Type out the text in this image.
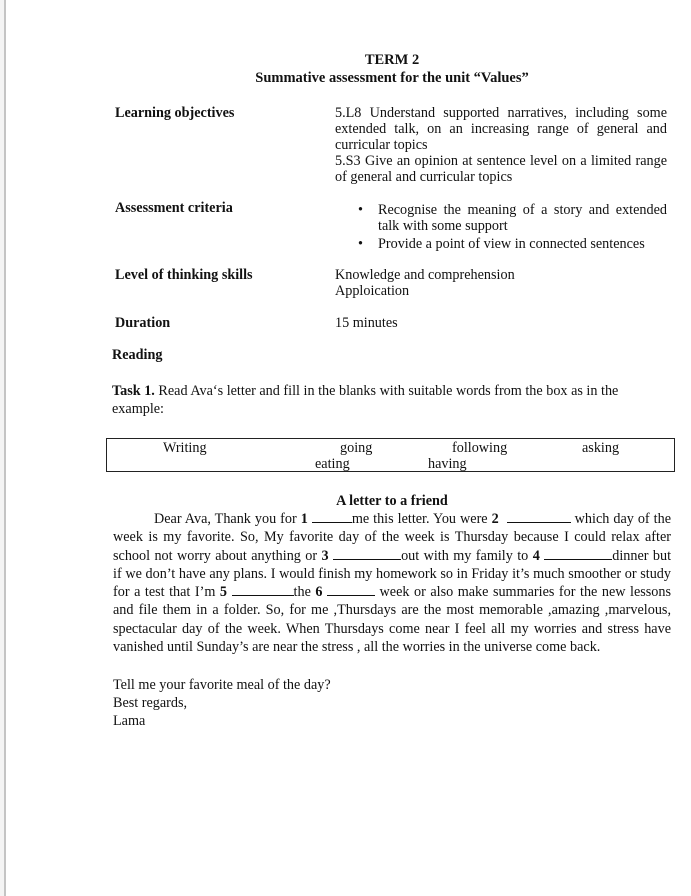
TERM 2
Summative assessment for the unit “Values”
Learning objectives	5.L8 Understand supported narratives, including some

extended talk, on an increasing range of general and

curricular topics

5.S3 Give an opinion at sentence level on a limited range

of general and curricular topics

Assessment criteria	• Recognise the meaning of a story and extended
talk with some support
• Provide a point of view in connected sentences
Level of thinking skills	Knowledge and comprehension
Apploication
Duration	15 minutes
Reading
Task 1. Read Ava‘s letter and fill in the blanks with suitable words from the box as in the
example:
Writing	going	following	asking
eating	having
A letter to a friend

Dear Ava, Thank you for 1	me this letter. You were 2	which day of the week is my favorite. So, My favorite day of the week is Thursday because I could relax after school not worry about anything or 3	out with my family to 4	dinner but if we don’t have any plans. I would finish my homework so in Friday it’s much smoother or study for a test that I’m 5	the 6	week or also make summaries for the new lessons and file them in a folder. So, for me ,Thursdays are the most memorable ,amazing ,marvelous, spectacular day of the week. When Thursdays come near I feel all my worries and stress have vanished until Sunday’s are near the stress , all the worries in the universe come back.

Tell me your favorite meal of the day?
Best regards,
Lama
